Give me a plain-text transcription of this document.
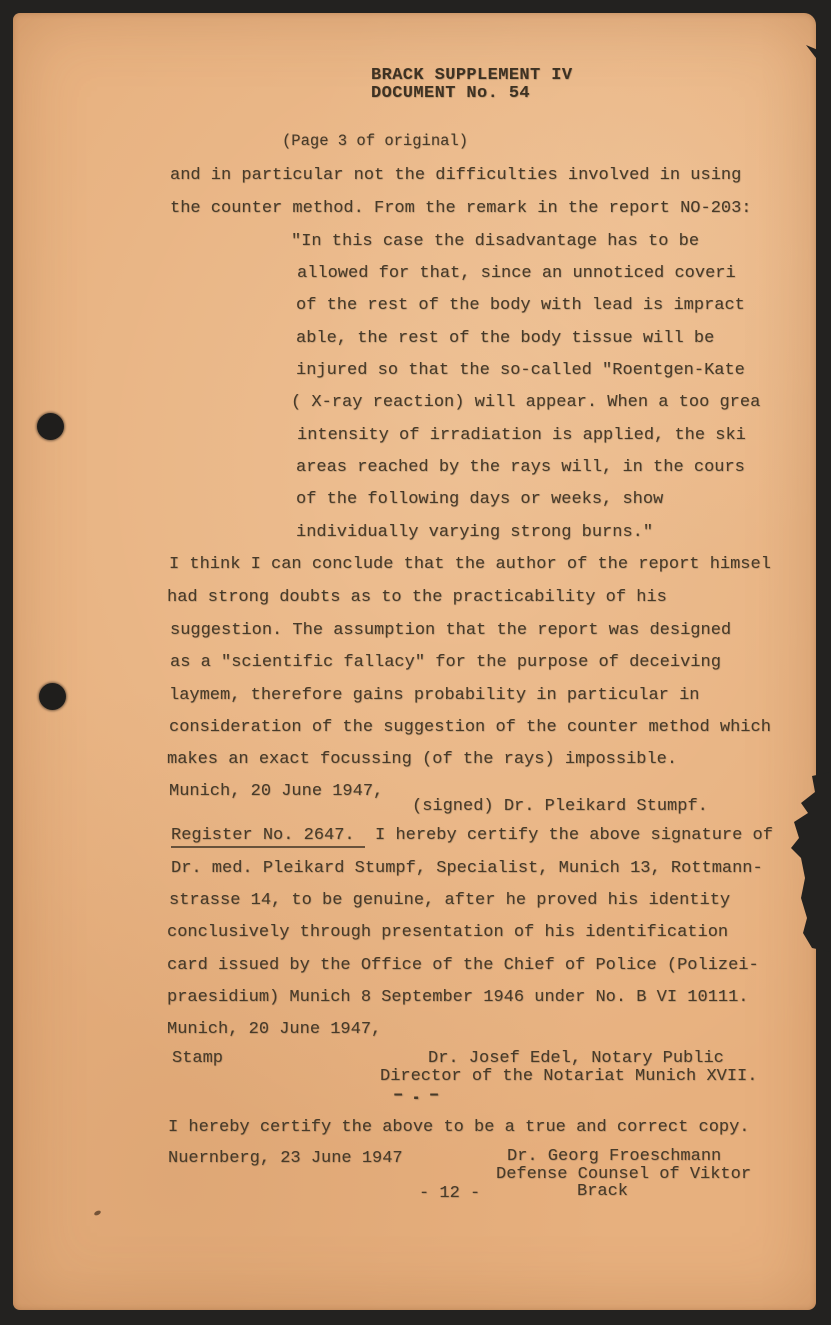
BRACK SUPPLEMENT IV
DOCUMENT No. 54
(Page 3 of original)
and in particular not the difficulties involved in using
the counter method. From the remark in the report NO-203:
"In this case the disadvantage has to be
allowed for that, since an unnoticed coveri
of the rest of the body with lead is impract
able, the rest of the body tissue will be
injured so that the so-called "Roentgen-Kate
( X-ray reaction) will appear. When a too grea
intensity of irradiation is applied, the ski
areas reached by the rays will, in the cours
of the following days or weeks, show
individually varying strong burns."
I think I can conclude that the author of the report himsel
had strong doubts as to the practicability of his
suggestion. The assumption that the report was designed
as a "scientific fallacy" for the purpose of deceiving
laymem, therefore gains probability in particular in
consideration of the suggestion of the counter method which
makes an exact focussing (of the rays) impossible.
Munich, 20 June 1947,
(signed) Dr. Pleikard Stumpf.
Register No. 2647.  I hereby certify the above signature of
Dr. med. Pleikard Stumpf, Specialist, Munich 13, Rottmann-
strasse 14, to be genuine, after he proved his identity
conclusively through presentation of his identification
card issued by the Office of the Chief of Police (Polizei-
praesidium) Munich 8 September 1946 under No. B VI 10111.
Munich, 20 June 1947,
Stamp	Dr. Josef Edel, Notary Public
Director of the Notariat Munich XVII.
-.-
I hereby certify the above to be a true and correct copy.
Nuernberg, 23 June 1947	Dr. Georg Froeschmann
Defense Counsel of Viktor
- 12 -	Brack
